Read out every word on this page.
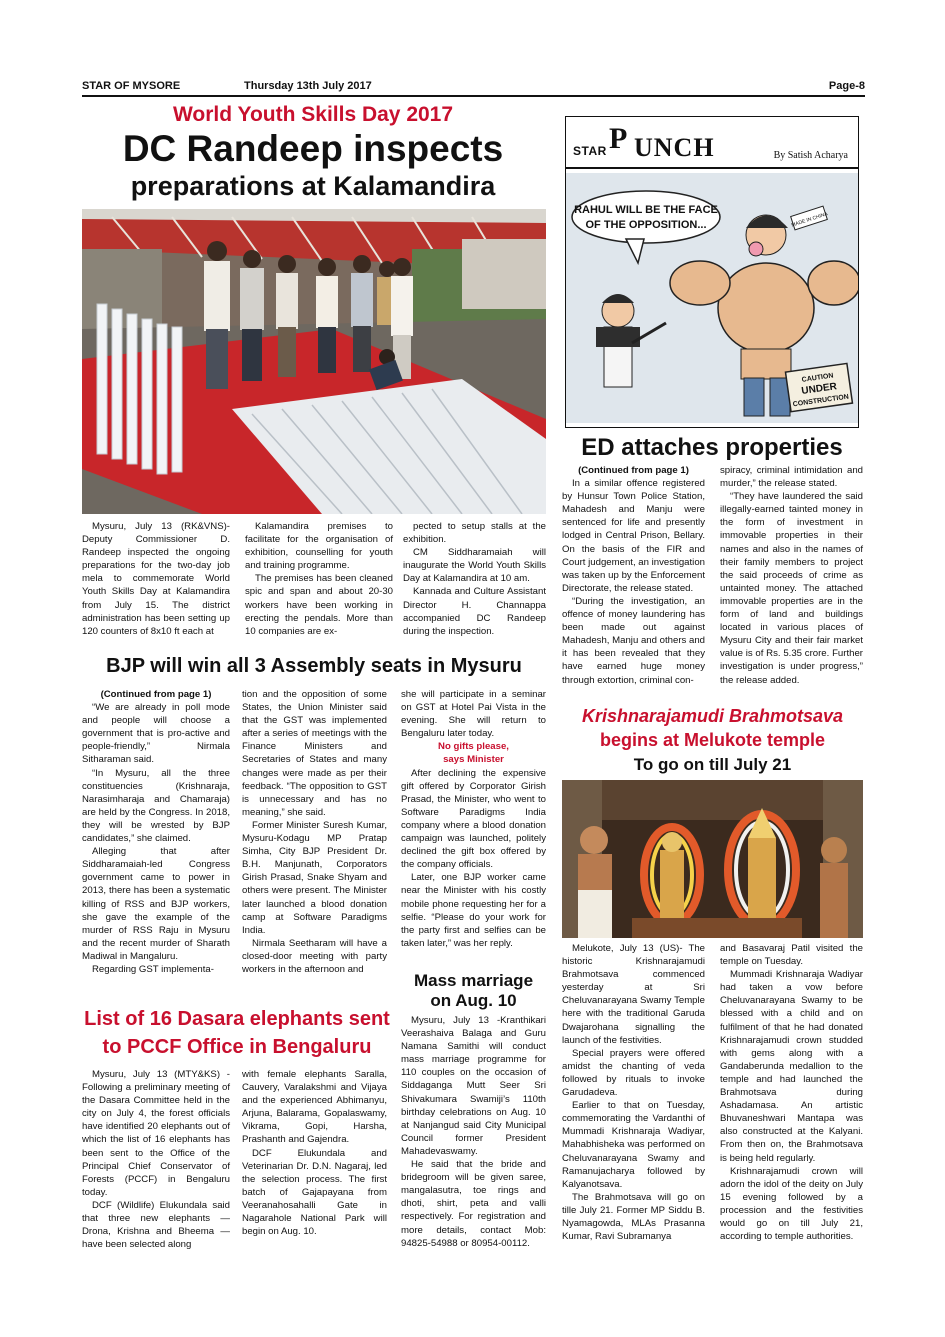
STAR OF MYSORE	Thursday 13th July 2017	Page-8
World Youth Skills Day 2017
DC Randeep inspects
preparations at Kalamandira

Mysuru, July 13 (RK&VNS)- Deputy Commissioner D. Randeep inspected the ongoing preparations for the two-day job mela to commemorate World Youth Skills Day at Kalamandira from July 15. The district administration has been setting up 120 counters of 8x10 ft each at

Kalamandira premises to facilitate for the organisation of exhibition, counselling for youth and training programme.

The premises has been cleaned spic and span and about 20-30 workers have been working in erecting the pendals. More than 10 companies are ex-

pected to setup stalls at the exhibition.

CM Siddharamaiah will inaugurate the World Youth Skills Day at Kalamandira at 10 am.

Kannada and Culture Assistant Director H. Channappa accompanied DC Randeep during the inspection.

STAR P UNCH	By Satish Acharya
RAHUL WILL BE THE FACE
OF THE OPPOSITION...	MADE IN CHINA
CAUTION
UNDER
CONSTRUCTION
ED attaches properties

(Continued from page 1)

In a similar offence registered by Hunsur Town Police Station, Mahadesh and Manju were sentenced for life and presently lodged in Central Prison, Bellary. On the basis of the FIR and Court judgement, an investigation was taken up by the Enforcement Directorate, the release stated.

“During the investigation, an offence of money laundering has been made out against Mahadesh, Manju and others and it has been revealed that they have earned huge money through extortion, criminal con-

spiracy, criminal intimidation and murder,” the release stated.

“They have laundered the said illegally-earned tainted money in the form of investment in immovable properties in their names and also in the names of their family members to project the said proceeds of crime as untainted money. The attached immovable properties are in the form of land and buildings located in various places of Mysuru City and their fair market value is of Rs. 5.35 crore. Further investigation is under progress,” the release added.

BJP will win all 3 Assembly seats in Mysuru

(Continued from page 1)

“We are already in poll mode and people will choose a government that is pro-active and people-friendly,” Nirmala Sitharaman said.

“In Mysuru, all the three constituencies (Krishnaraja, Narasimharaja and Chamaraja) are held by the Congress. In 2018, they will be wrested by BJP candidates,” she claimed.

Alleging that after Siddharamaiah-led Congress government came to power in 2013, there has been a systematic killing of RSS and BJP workers, she gave the example of the murder of RSS Raju in Mysuru and the recent murder of Sharath Madiwal in Mangaluru.

Regarding GST implementa-

tion and the opposition of some States, the Union Minister said that the GST was implemented after a series of meetings with the Finance Ministers and Secretaries of States and many changes were made as per their feedback. “The opposition to GST is unnecessary and has no meaning,” she said.

Former Minister Suresh Kumar, Mysuru-Kodagu MP Pratap Simha, City BJP President Dr. B.H. Manjunath, Corporators Girish Prasad, Snake Shyam and others were present. The Minister later launched a blood donation camp at Software Paradigms India.

Nirmala Seetharam will have a closed-door meeting with party workers in the afternoon and

she will participate in a seminar on GST at Hotel Pai Vista in the evening. She will return to Bengaluru later today.

No gifts please,

says Minister

After declining the expensive gift offered by Corporator Girish Prasad, the Minister, who went to Software Paradigms India company where a blood donation campaign was launched, politely declined the gift box offered by the company officials.

Later, one BJP worker came near the Minister with his costly mobile phone requesting her for a selfie. “Please do your work for the party first and selfies can be taken later,” was her reply.

Mass marriage
on Aug. 10

Mysuru, July 13 -Kranthikari Veerashaiva Balaga and Guru Namana Samithi will conduct mass marriage programme for 110 couples on the occasion of Siddaganga Mutt Seer Sri Shivakumara Swamiji’s 110th birthday celebrations on Aug. 10 at Nanjangud said City Municipal Council former President Mahadevaswamy.

He said that the bride and bridegroom will be given saree, mangalasutra, toe rings and dhoti, shirt, peta and valli respectively. For registration and more details, contact Mob: 94825-54988 or 80954-00112.

List of 16 Dasara elephants sent
to PCCF Office in Bengaluru

Mysuru, July 13 (MTY&KS) - Following a preliminary meeting of the Dasara Committee held in the city on July 4, the forest officials have identified 20 elephants out of which the list of 16 elephants has been sent to the Office of the Principal Chief Conservator of Forests (PCCF) in Bengaluru today.

DCF (Wildlife) Elukundala said that three new elephants — Drona, Krishna and Bheema — have been selected along

with female elephants Saralla, Cauvery, Varalakshmi and Vijaya and the experienced Abhimanyu, Arjuna, Balarama, Gopalaswamy, Vikrama, Gopi, Harsha, Prashanth and Gajendra.

DCF Elukundala and Veterinarian Dr. D.N. Nagaraj, led the selection process. The first batch of Gajapayana from Veeranahosahalli Gate in Nagarahole National Park will begin on Aug. 10.

Krishnarajamudi Brahmotsava
begins at Melukote temple
To go on till July 21

Melukote, July 13 (US)- The historic Krishnarajamudi Brahmotsava commenced yesterday at Sri Cheluvanarayana Swamy Temple here with the traditional Garuda Dwajarohana signalling the launch of the festivities.

Special prayers were offered amidst the chanting of veda followed by rituals to invoke Garudadeva.

Earlier to that on Tuesday, commemorating the Vardanthi of Mummadi Krishnaraja Wadiyar, Mahabhisheka was performed on Cheluvanarayana Swamy and Ramanujacharya followed by Kalyanotsava.

The Brahmotsava will go on tille July 21. Former MP Siddu B. Nyamagowda, MLAs Prasanna Kumar, Ravi Subramanya

and Basavaraj Patil visited the temple on Tuesday.

Mummadi Krishnaraja Wadiyar had taken a vow before Cheluvanarayana Swamy to be blessed with a child and on fulfilment of that he had donated Krishnarajamudi crown studded with gems along with a Gandaberunda medallion to the temple and had launched the Brahmotsava during Ashadamasa. An artistic Bhuvaneshwari Mantapa was also constructed at the Kalyani. From then on, the Brahmotsava is being held regularly.

Krishnarajamudi crown will adorn the idol of the deity on July 15 evening followed by a procession and the festivities would go on till July 21, according to temple authorities.
